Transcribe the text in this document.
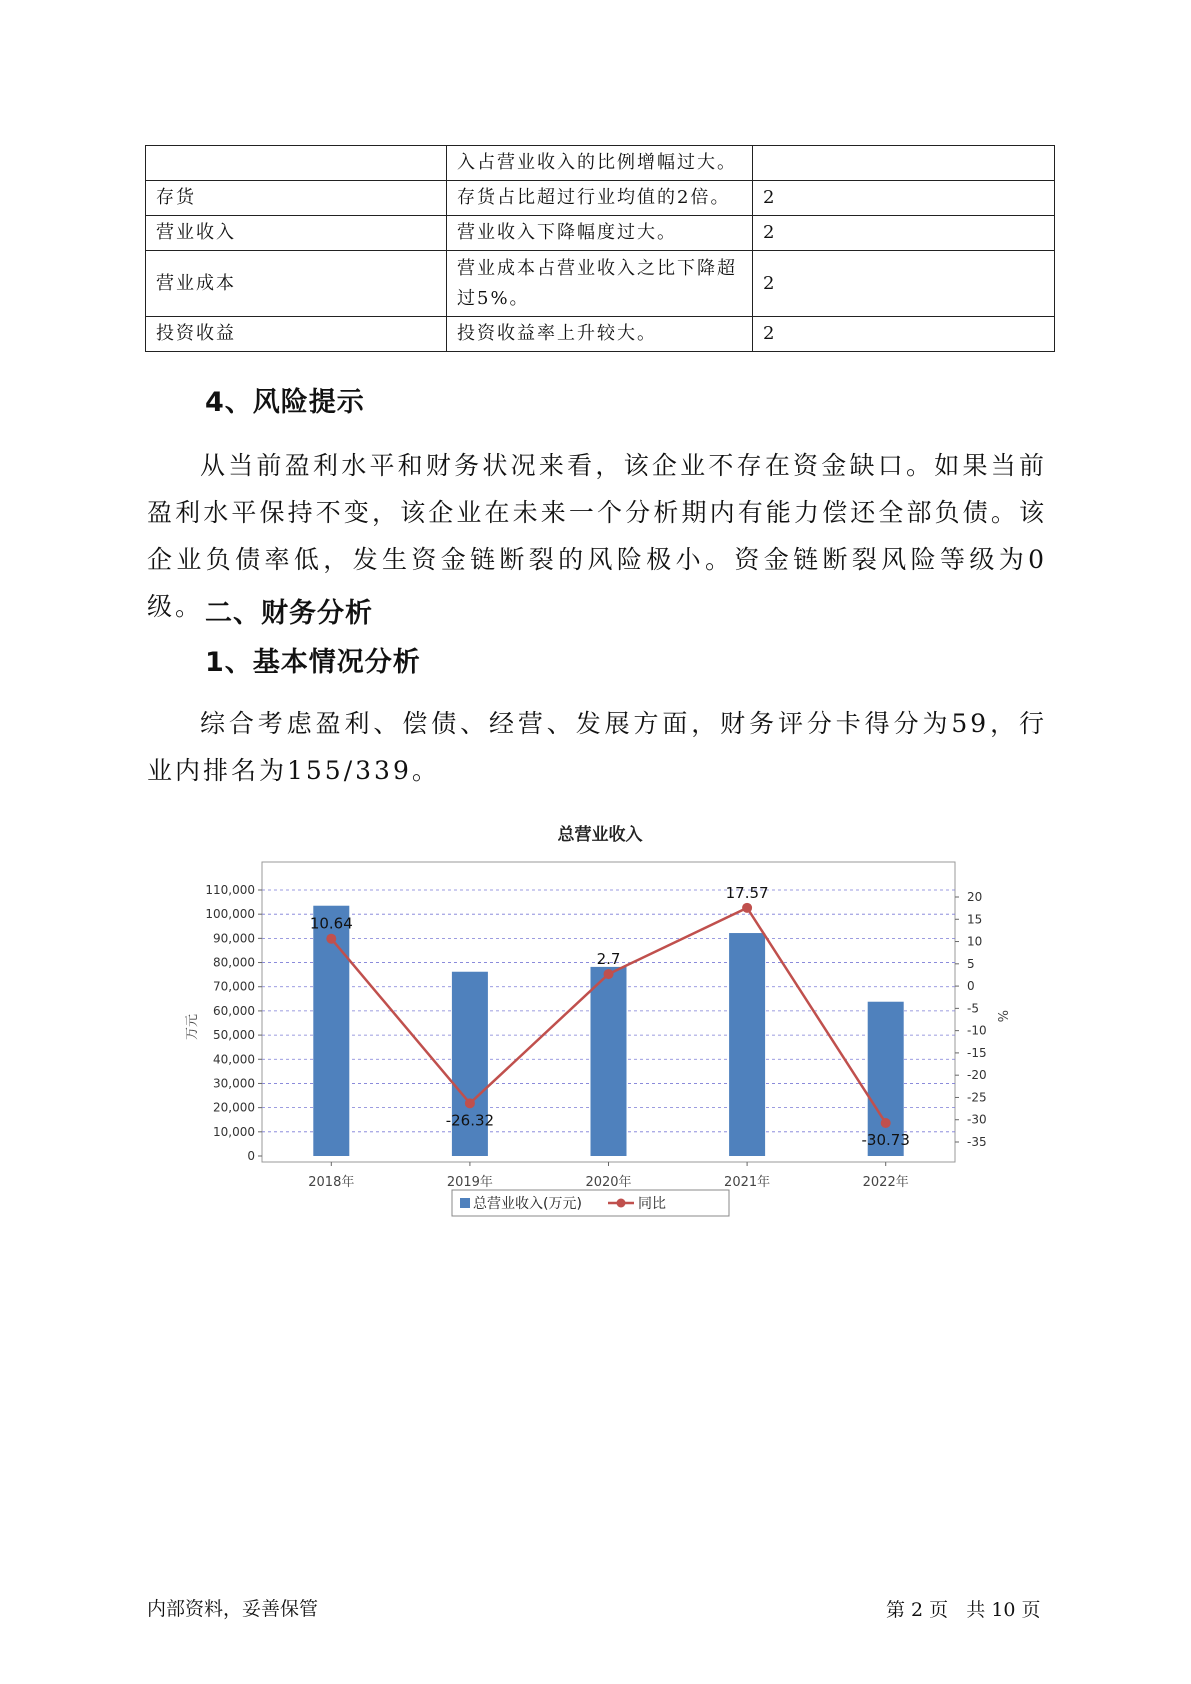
	入占营业收入的比例增幅过大。	
存货	存货占比超过行业均值的2倍。	2
营业收入	营业收入下降幅度过大。	2
营业成本	营业成本占营业收入之比下降超过5%。	2
投资收益	投资收益率上升较大。	2
4、风险提示
从当前盈利水平和财务状况来看，该企业不存在资金缺口。如果当前盈利水平保持不变，该企业在未来一个分析期内有能力偿还全部负债。该企业负债率低，发生资金链断裂的风险极小。资金链断裂风险等级为0级。 二、财务分析
1、基本情况分析
综合考虑盈利、偿债、经营、发展方面，财务评分卡得分为59，行业内排名为155/339。
总营业收入
10.64
-26.32
2.7
17.57
-30.73
0
10,000
20,000
30,000
40,000
50,000
60,000
70,000
80,000
90,000
100,000
110,000	20
15
10
5
0
-5
-10
-15
-20
-25
-30
-35
2018年	2019年	2020年	2021年	2022年
万元	%
总营业收入(万元)	同比
内部资料，妥善保管	第 2 页   共 10 页
